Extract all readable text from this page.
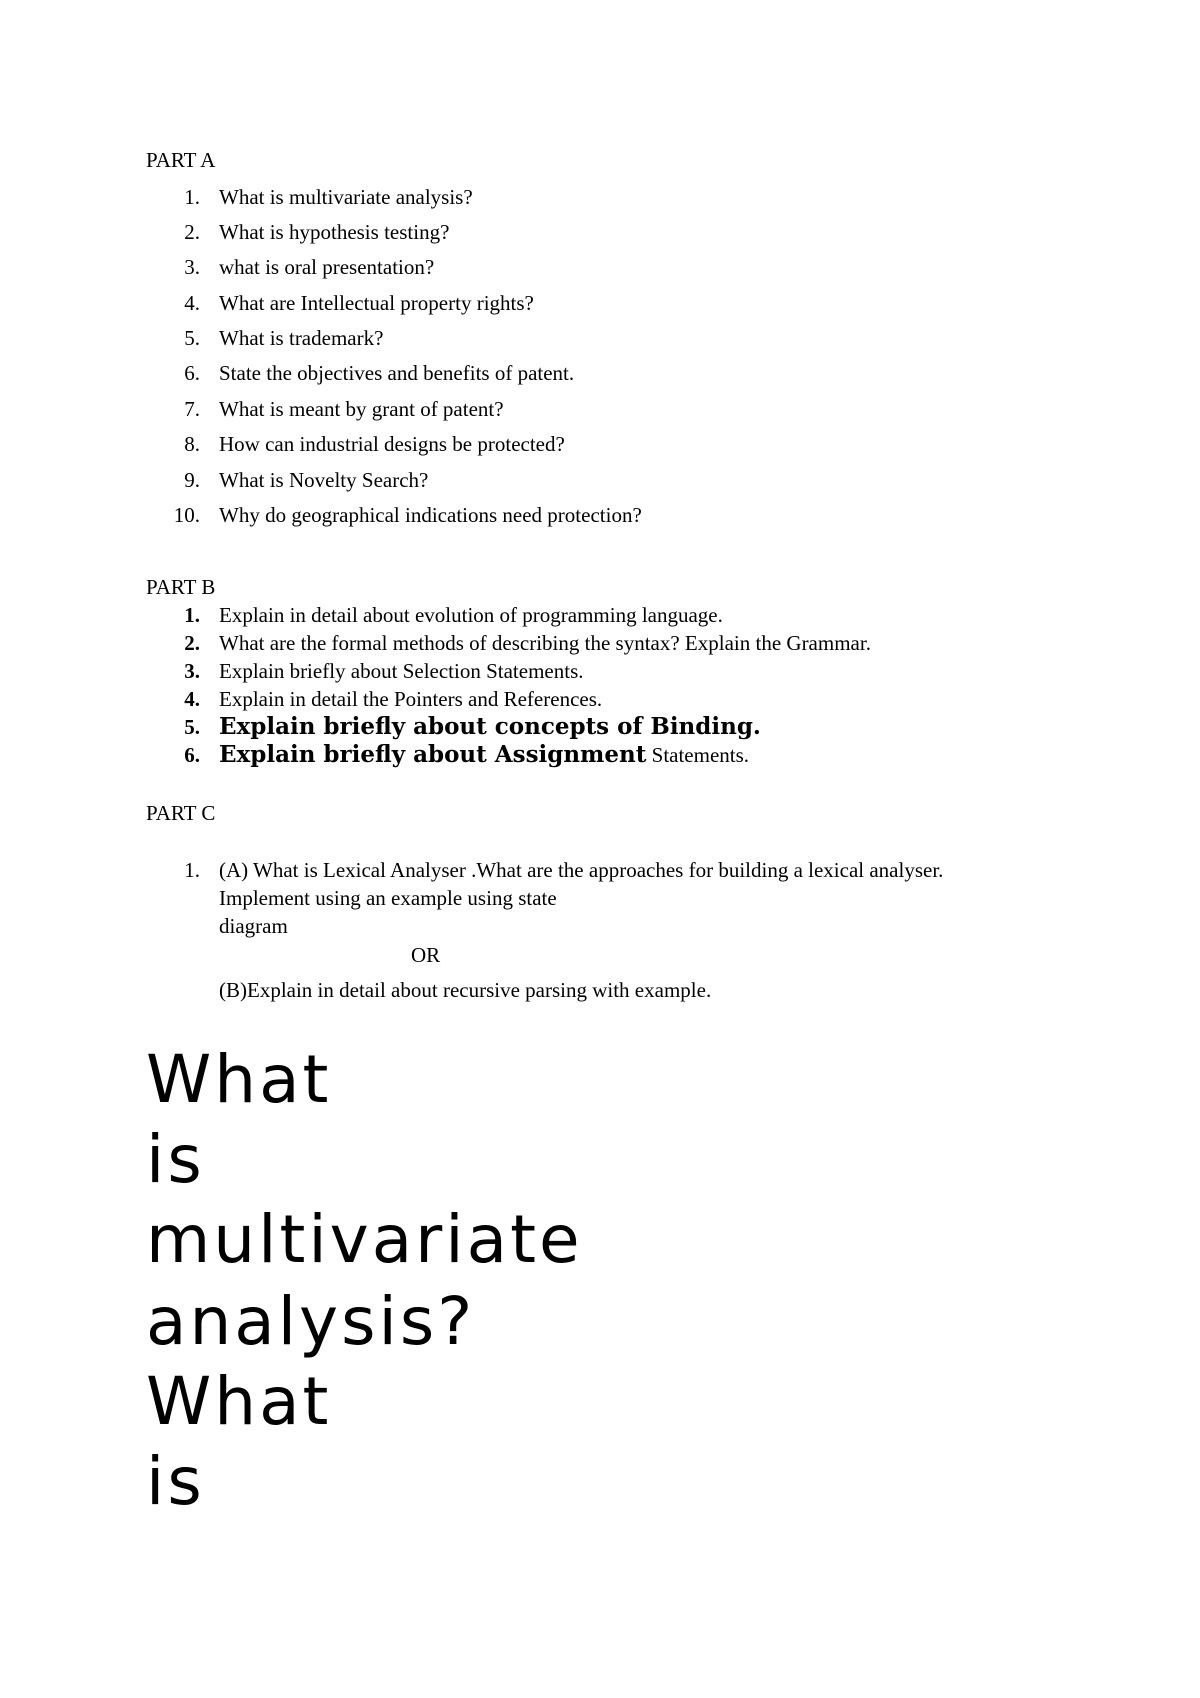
PART A
1. What is multivariate analysis?
2. What is hypothesis testing?
3. what is oral presentation?
4. What are Intellectual property rights?
5. What is trademark?
6. State the objectives and benefits of patent.
7. What is meant by grant of patent?
8. How can industrial designs be protected?
9. What is Novelty Search?
10. Why do geographical indications need protection?
PART B
1. Explain in detail about evolution of programming language.
2. What are the formal methods of describing the syntax? Explain the Grammar.
3. Explain briefly about Selection Statements.
4. Explain in detail the Pointers and References.
5. Explain briefly about concepts of Binding.
6. Explain briefly about Assignment Statements.
PART C
1. (A) What is Lexical Analyser .What are the approaches for building a lexical analyser.
Implement using an example using state
diagram
OR
(B)Explain in detail about recursive parsing with example.
What
is
multivariate
analysis?
What
is
